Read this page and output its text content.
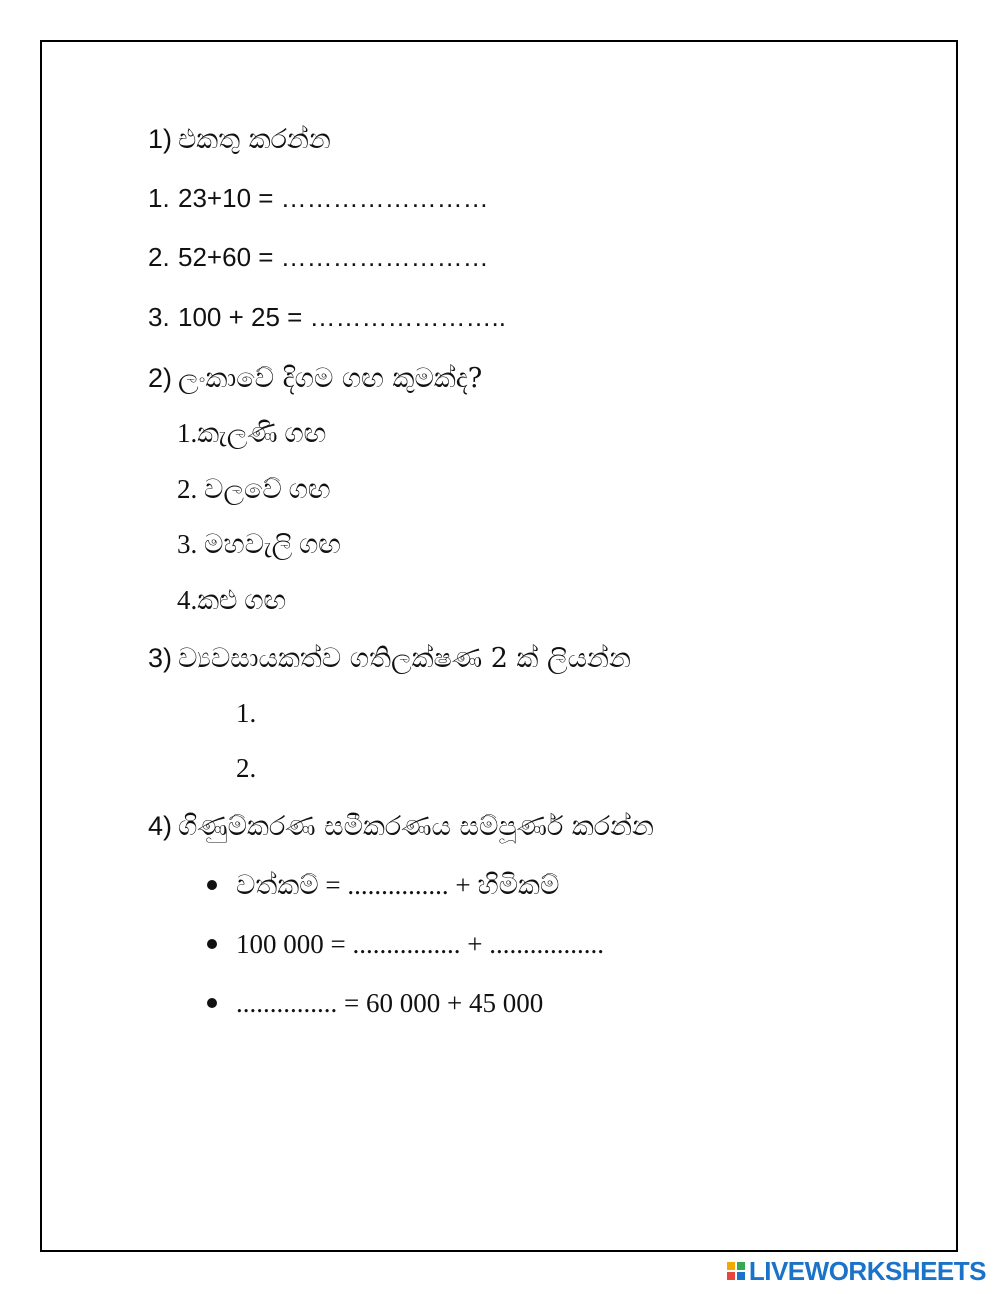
1) එකතු කරන්න
1. 23+10 = ……………………
2. 52+60 = ……………………
3. 100 + 25 = …………………..
2) ලංකාවේ දිගම ගඟ කුමක්ද?
1.කැලණි ගඟ
2. වලවේ ගඟ
3. මහවැලි ගඟ
4.කළු ගඟ
3) ව්‍යවසායකත්ව ගතිලක්ෂණ 2 ක් ලියන්න
1.
2.
4) ගිණුම්කරණ සමීකරණය සම්පූර්ණ කරන්න
වත්කම් = ............... + හිමිකම්
100 000 = ................ + .................
............... = 60 000 + 45 000
LIVEWORKSHEETS
